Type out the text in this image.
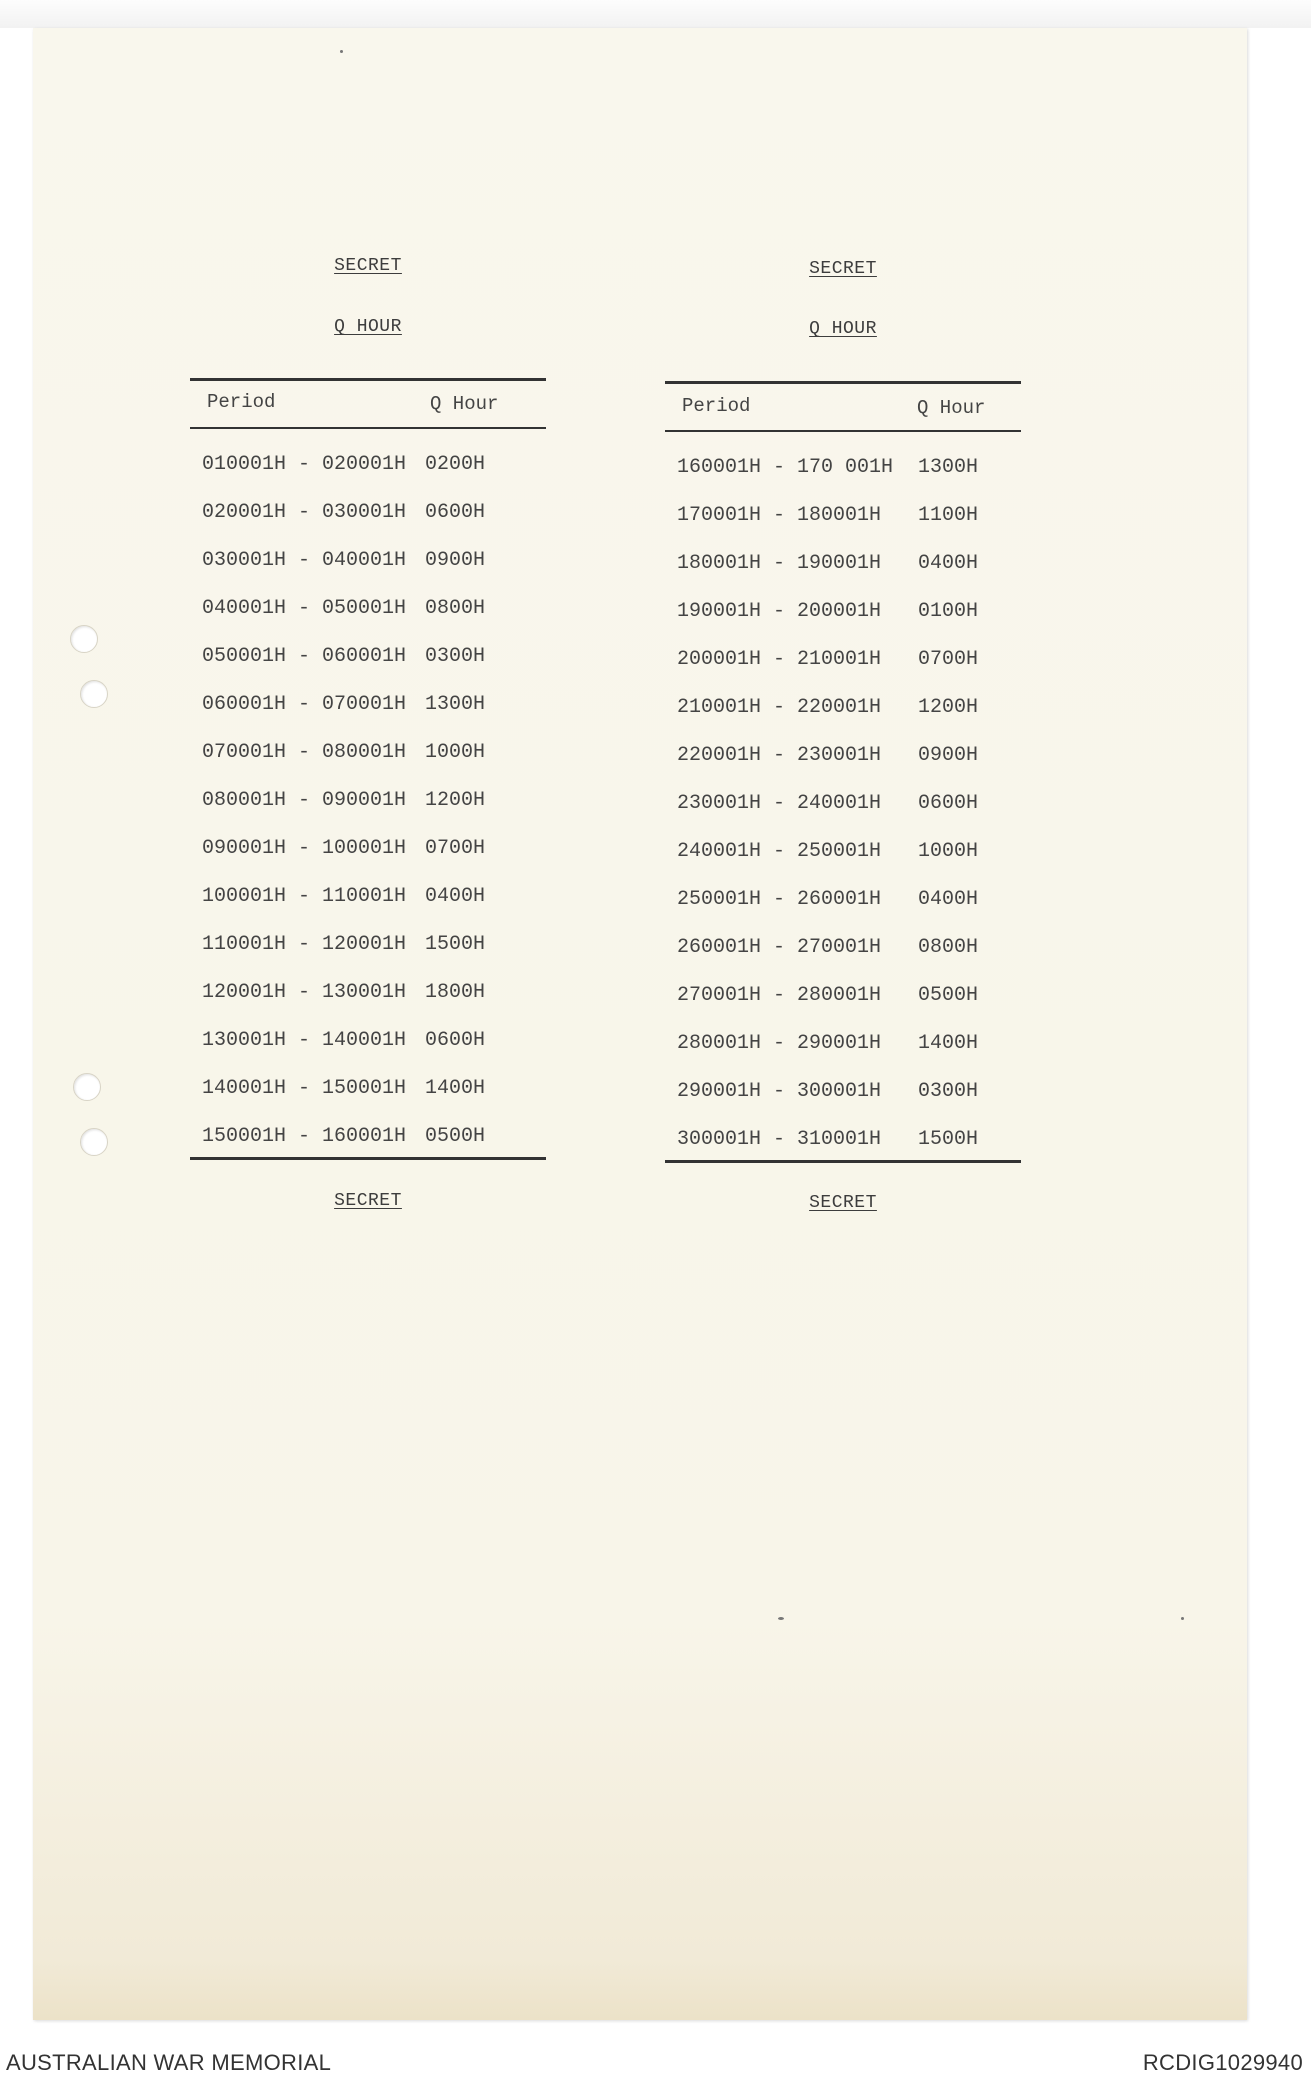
SECRET
Q HOUR
Period	Q Hour
010001H - 020001H 0200H
020001H - 030001H 0600H
030001H - 040001H 0900H
040001H - 050001H 0800H
050001H - 060001H 0300H
060001H - 070001H 1300H
070001H - 080001H 1000H
080001H - 090001H 1200H
090001H - 100001H 0700H
100001H - 110001H 0400H
110001H - 120001H 1500H
120001H - 130001H 1800H
130001H - 140001H 0600H
140001H - 150001H 1400H
150001H - 160001H 0500H
SECRET
SECRET
Q HOUR
Period	Q Hour
160001H - 170 001H 1300H
170001H - 180001H 1100H
180001H - 190001H 0400H
190001H - 200001H 0100H
200001H - 210001H 0700H
210001H - 220001H 1200H
220001H - 230001H 0900H
230001H - 240001H 0600H
240001H - 250001H 1000H
250001H - 260001H 0400H
260001H - 270001H 0800H
270001H - 280001H 0500H
280001H - 290001H 1400H
290001H - 300001H 0300H
300001H - 310001H 1500H
SECRET
AUSTRALIAN WAR MEMORIAL	RCDIG1029940
